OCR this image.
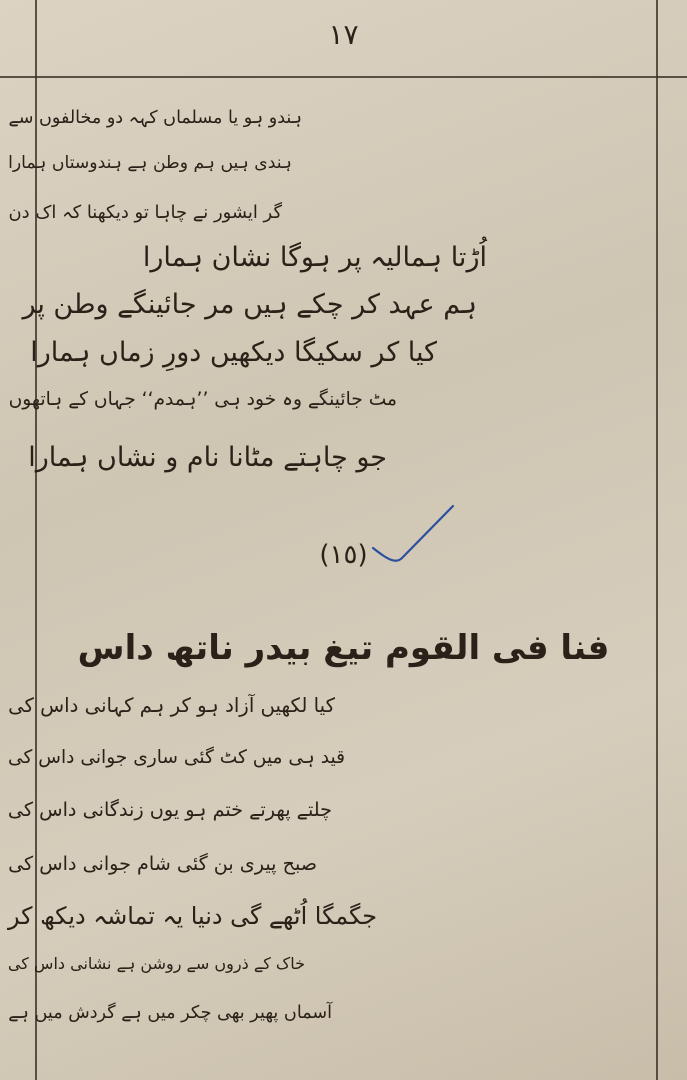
١٧
ہندو ہو یا مسلماں کہہ دو مخالفوں سے
ہندی ہیں ہم وطن ہے ہندوستاں ہمارا
گر ایشور نے چاہا تو دیکھنا کہ اک دن
اُڑتا ہمالیہ پر ہوگا نشان ہمارا
ہم عہد کر چکے ہیں مر جائینگے وطن پر
کیا کر سکیگا دیکھیں دورِ زماں ہمارا
مٹ جائینگے وہ خود ہی ’’ہمدم‘‘ جہاں کے ہاتھوں
جو چاہتے مٹانا نام و نشاں ہمارا
(١٥)
فنا فی القوم تیغ بیدر ناتھ داس
کیا لکھیں آزاد ہو کر ہم کہانی داس کی
قید ہی میں کٹ گئی ساری جوانی داس کی
چلتے پھرتے ختم ہو یوں زندگانی داس کی
صبح پیری بن گئی شام جوانی داس کی
جگمگا اُٹھے گی دنیا یہ تماشہ دیکھ کر
خاک کے ذروں سے روشن ہے نشانی داس کی
آسماں پھیر بھی چکر میں ہے گردش میں ہے
